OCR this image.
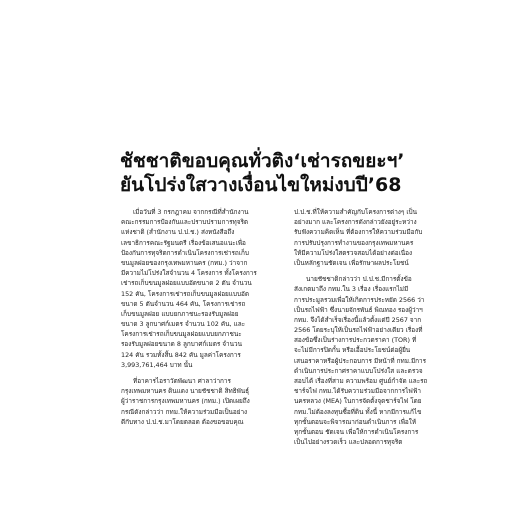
ชัชชาติขอบคุณทั่วติง‘เช่ารถขยะฯ’
ยันโปร่งใสวางเงื่อนไขใหม่งบปี’68
เมื่อวันที่ 3 กรกฎาคม จากกรณีที่สำนักงาน
คณะกรรมการป้องกันและปราบปรามการทุจริต
แห่งชาติ (สำนักงาน ป.ป.ช.) ส่งหนังสือถึง
เลขาธิการคณะรัฐมนตรี เรื่องข้อเสนอแนะเพื่อ
ป้องกันการทุจริตการดำเนินโครงการเช่ารถเก็บ
ขนมูลฝอยของกรุงเทพมหานคร (กทม.) ว่าจาก
มีความไม่โปร่งใสจำนวน 4 โครงการ ทั้งโครงการ
เช่ารถเก็บขนมูลฝอยแบบอัดขนาด 2 ตัน จำนวน
152 คัน, โครงการเช่ารถเก็บขนมูลฝอยแบบอัด
ขนาด 5 ตันจำนวน 464 คัน, โครงการเช่ารถ
เก็บขนมูลฝอย แบบยกภาชนะรองรับมูลฝอย
ขนาด 3 ลูกบาศก์เมตร จำนวน 102 คัน, และ
โครงการเช่ารถเก็บขนมูลฝอยแบบยกภาชนะ
รองรับมูลฝอยขนาด 8 ลูกบาศก์เมตร จำนวน
124 คัน รวมทั้งสิ้น 842 คัน มูลค่าโครงการ
3,993,761,464 บาท นั้น
ที่อาคารไอราวัตพัฒนา ศาลาว่าการ
กรุงเทพมหานคร ดินแดง นายชัชชาติ สิทธิพันธุ์
ผู้ว่าราชการกรุงเทพมหานคร (กทม.) เปิดเผยถึง
กรณีดังกล่าวว่า กทม.ให้ความร่วมมือเป็นอย่าง
ดีกับทาง ป.ป.ช.มาโดยตลอด ต้องขอขอบคุณ
ป.ป.ช.ที่ให้ความสำคัญกับโครงการต่างๆ เป็น
อย่างมาก และโครงการดังกล่าวยังอยู่ระหว่าง
รับฟังความคิดเห็น ที่ต้องการให้ความร่วมมือกับ
การปรับปรุงการทำงานของกรุงเทพมหานคร
ให้มีความโปร่งใสตรวจสอบได้อย่างต่อเนื่อง
เป็นหลักฐานชัดเจน เพื่อรักษาผลประโยชน์
นายชัชชาติกล่าวว่า ป.ป.ช.มีการตั้งข้อ
สังเกตมาถึง กทม.ใน 3 เรื่อง เรื่องแรกไม่มี
การประมูลรวมเพื่อให้เกิดการประหยัด 2566 ว่า
เป็นรถไฟฟ้า ซึ่งนายจักรพันธ์ พิณทอง รองผู้ว่าฯ
กทม. จึงได้สำเร็จเรื่องนี้แล้วตั้งแต่ปี 2567 จาก
2566 โดยระบุให้เป็นรถไฟฟ้าอย่างเดียว เรื่องที่
สองข้อซึ่งเป็นร่างการประกวดราคา (TOR) ที่
จะไม่มีการปิดกั้น หรือเอื้อประโยชน์ต่อผู้ยื่น
เสนอราคาหรือผู้ประกอบการ มีหน้าที่ กทม.มีการ
ดำเนินการประกาศราคาแบบโปร่งใส และตรวจ
สอบได้ เรื่องที่สาม ความพร้อม ศูนย์กำจัด และรถ
ชาร์จไฟ กทม.ได้รับความร่วมมือจากการไฟฟ้า
นครหลวง (MEA) ในการจัดตั้งจุดชาร์จไฟ โดย
กทม.ไม่ต้องลงทุนซื้อที่ดิน ทั้งนี้ หากมีการแก้ไข
ทุกขั้นตอนจะพิจารณาก่อนดำเนินการ เพื่อให้
ทุกขั้นตอน ชัดเจน เพื่อให้การดำเนินโครงการ
เป็นไปอย่างรวดเร็ว และปลอดการทุจริต
